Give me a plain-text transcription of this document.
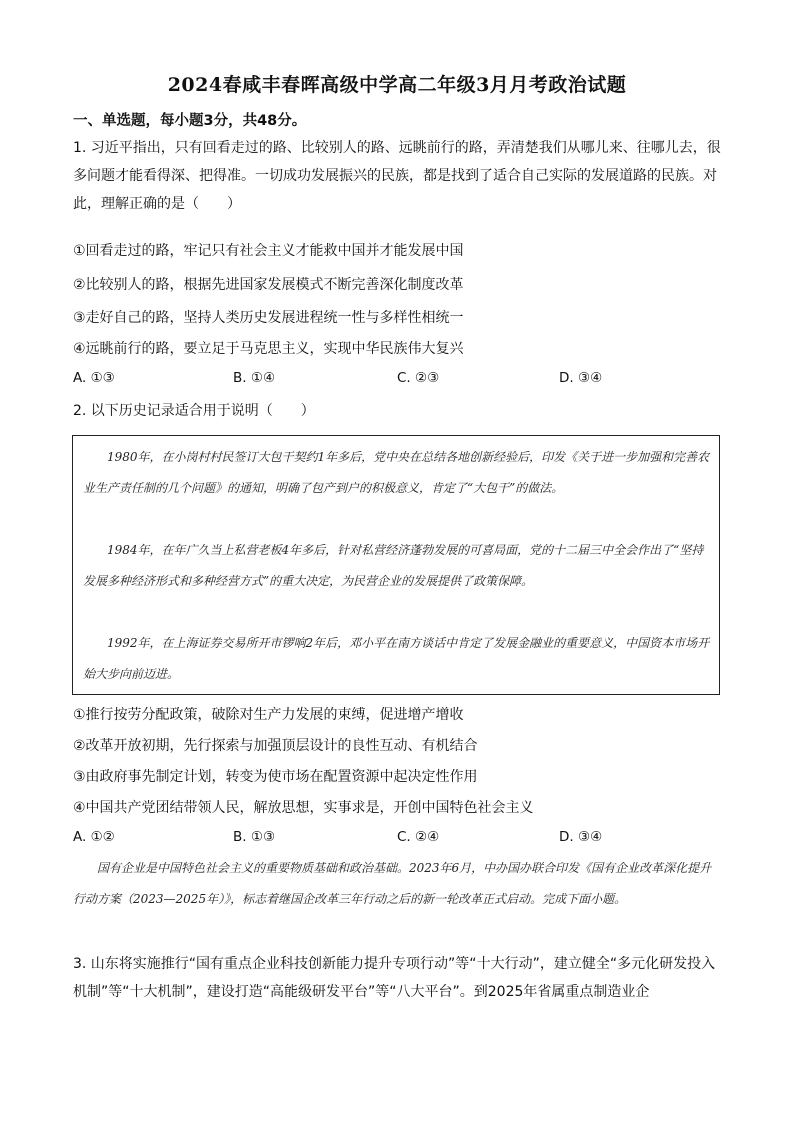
2024春咸丰春晖高级中学高二年级3月月考政治试题
一、单选题，每小题3分，共48分。
1. 习近平指出，只有回看走过的路、比较别人的路、远眺前行的路，弄清楚我们从哪儿来、往哪儿去，很多问题才能看得深、把得准。一切成功发展振兴的民族，都是找到了适合自己实际的发展道路的民族。对此，理解正确的是（　　）
①回看走过的路，牢记只有社会主义才能救中国并才能发展中国
②比较别人的路，根据先进国家发展模式不断完善深化制度改革
③走好自己的路，坚持人类历史发展进程统一性与多样性相统一
④远眺前行的路，要立足于马克思主义，实现中华民族伟大复兴
A. ①③	B. ①④	C. ②③	D. ③④
2. 以下历史记录适合用于说明（　　）

1980年，在小岗村村民签订大包干契约1年多后，党中央在总结各地创新经验后，印发《关于进一步加强和完善农业生产责任制的几个问题》的通知，明确了包产到户的积极意义，肯定了“大包干”的做法。

1984年，在年广久当上私营老板4年多后，针对私营经济蓬勃发展的可喜局面，党的十二届三中全会作出了“坚持发展多种经济形式和多种经营方式”的重大决定，为民营企业的发展提供了政策保障。

1992年，在上海证券交易所开市锣响2年后，邓小平在南方谈话中肯定了发展金融业的重要意义，中国资本市场开始大步向前迈进。

①推行按劳分配政策，破除对生产力发展的束缚，促进增产增收
②改革开放初期，先行探索与加强顶层设计的良性互动、有机结合
③由政府事先制定计划，转变为使市场在配置资源中起决定性作用
④中国共产党团结带领人民，解放思想，实事求是，开创中国特色社会主义
A. ①②	B. ①③	C. ②④	D. ③④
国有企业是中国特色社会主义的重要物质基础和政治基础。2023年6月，中办国办联合印发《国有企业改革深化提升行动方案（2023—2025年）》，标志着继国企改革三年行动之后的新一轮改革正式启动。完成下面小题。
3. 山东将实施推行“国有重点企业科技创新能力提升专项行动”等“十大行动”，建立健全“多元化研发投入机制”等“十大机制”，建设打造“高能级研发平台”等“八大平台”。到2025年省属重点制造业企
